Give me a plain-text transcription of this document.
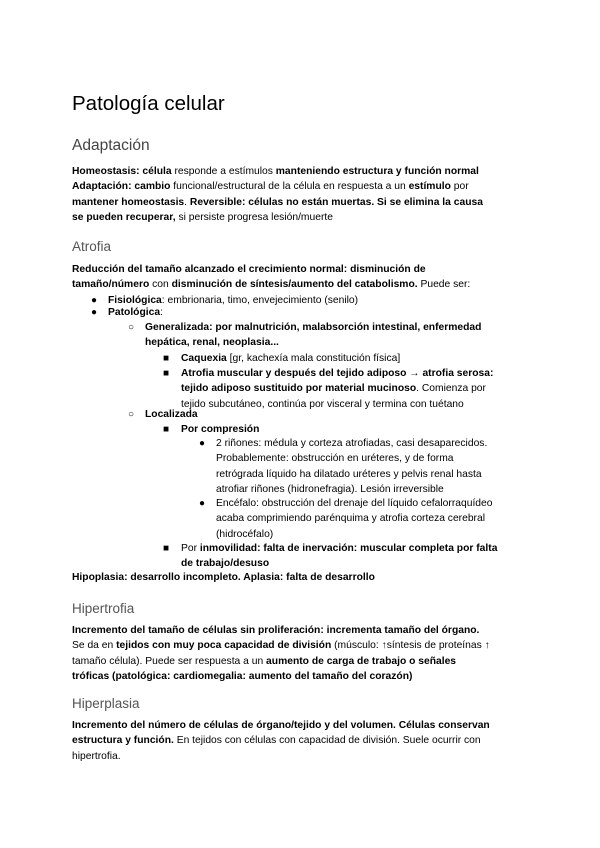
Patología celular
Adaptación
Homeostasis: célula responde a estímulos manteniendo estructura y función normal
Adaptación: cambio funcional/estructural de la célula en respuesta a un estímulo por
mantener homeostasis. Reversible: células no están muertas. Si se elimina la causa
se pueden recuperar, si persiste progresa lesión/muerte
Atrofia
Reducción del tamaño alcanzado el crecimiento normal: disminución de
tamaño/número con disminución de síntesis/aumento del catabolismo. Puede ser:
● Fisiológica: embrionaria, timo, envejecimiento (senilo)
● Patológica:
○ Generalizada: por malnutrición, malabsorción intestinal, enfermedad
hepática, renal, neoplasia...
■ Caquexia [gr, kachexía mala constitución física]
■ Atrofia muscular y después del tejido adiposo → atrofia serosa:
tejido adiposo sustituido por material mucinoso. Comienza por
tejido subcutáneo, continúa por visceral y termina con tuétano
○ Localizada
■ Por compresión
● 2 riñones: médula y corteza atrofiadas, casi desaparecidos.
Probablemente: obstrucción en uréteres, y de forma
retrógrada líquido ha dilatado uréteres y pelvis renal hasta
atrofiar riñones (hidronefragia). Lesión irreversible
● Encéfalo: obstrucción del drenaje del líquido cefalorraquídeo
acaba comprimiendo parénquima y atrofia corteza cerebral
(hidrocéfalo)
■ Por inmovilidad: falta de inervación: muscular completa por falta
de trabajo/desuso
Hipoplasia: desarrollo incompleto. Aplasia: falta de desarrollo
Hipertrofia
Incremento del tamaño de células sin proliferación: incrementa tamaño del órgano.
Se da en tejidos con muy poca capacidad de división (músculo: ↑síntesis de proteínas ↑
tamaño célula). Puede ser respuesta a un aumento de carga de trabajo o señales
tróficas (patológica: cardiomegalia: aumento del tamaño del corazón)
Hiperplasia
Incremento del número de células de órgano/tejido y del volumen. Células conservan
estructura y función. En tejidos con células con capacidad de división. Suele ocurrir con
hipertrofia.
